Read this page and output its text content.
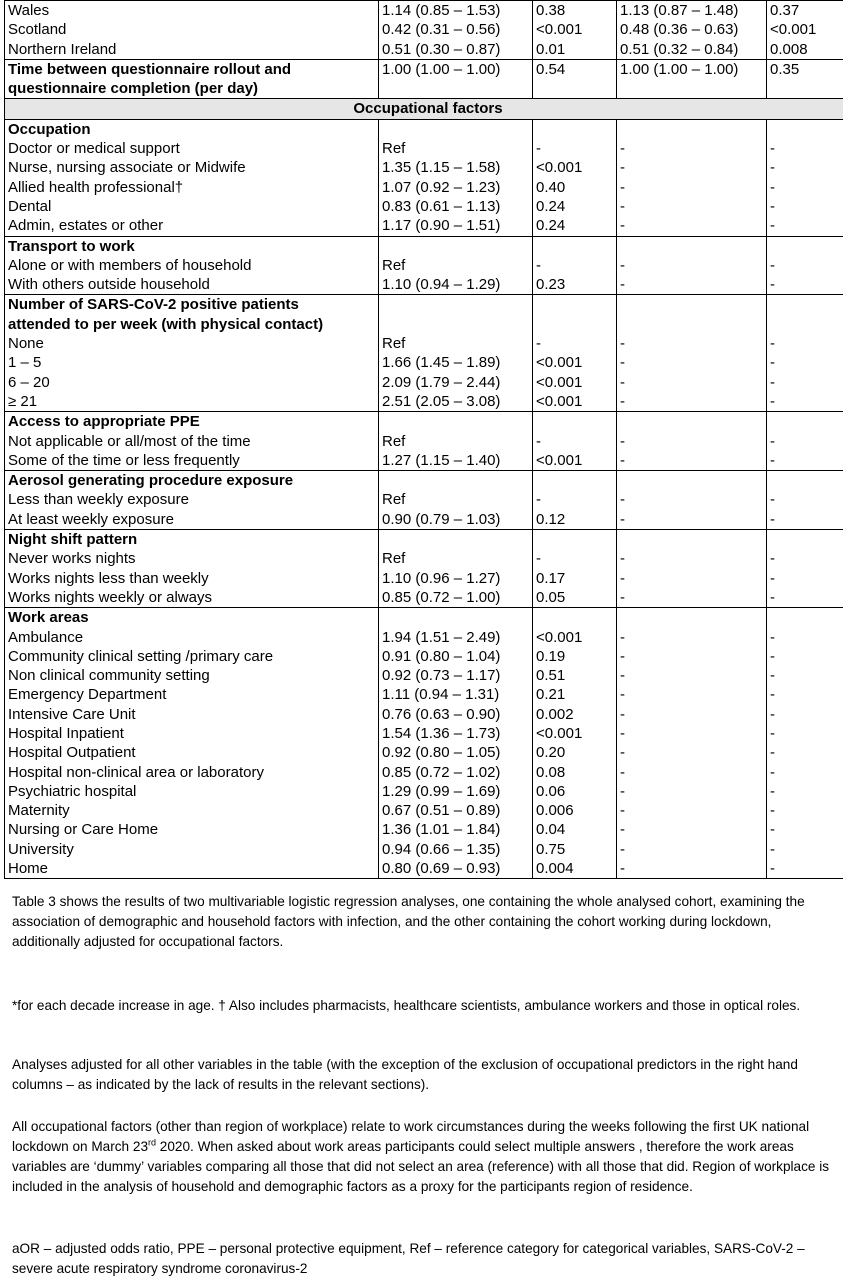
Wales	1.14 (0.85 – 1.53)	0.38	1.13 (0.87 – 1.48)	0.37
Scotland	0.42 (0.31 – 0.56)	<0.001	0.48 (0.36 – 0.63)	<0.001
Northern Ireland	0.51 (0.30 – 0.87)	0.01	0.51 (0.32 – 0.84)	0.008
Time between questionnaire rollout and	1.00 (1.00 – 1.00)	0.54	1.00 (1.00 – 1.00)	0.35
questionnaire completion (per day)				
Occupational factors				
Occupation				
Doctor or medical support	Ref	-	-	-
Nurse, nursing associate or Midwife	1.35 (1.15 – 1.58)	<0.001	-	-
Allied health professional†	1.07 (0.92 – 1.23)	0.40	-	-
Dental	0.83 (0.61 – 1.13)	0.24	-	-
Admin, estates or other	1.17 (0.90 – 1.51)	0.24	-	-
Transport to work				
Alone or with members of household	Ref	-	-	-
With others outside household	1.10 (0.94 – 1.29)	0.23	-	-
Number of SARS-CoV-2 positive patients				
attended to per week (with physical contact)				
None	Ref	-	-	-
1 – 5	1.66 (1.45 – 1.89)	<0.001	-	-
6 – 20	2.09 (1.79 – 2.44)	<0.001	-	-
≥ 21	2.51 (2.05 – 3.08)	<0.001	-	-
Access to appropriate PPE				
Not applicable or all/most of the time	Ref	-	-	-
Some of the time or less frequently	1.27 (1.15 – 1.40)	<0.001	-	-
Aerosol generating procedure exposure				
Less than weekly exposure	Ref	-	-	-
At least weekly exposure	0.90 (0.79 – 1.03)	0.12	-	-
Night shift pattern				
Never works nights	Ref	-	-	-
Works nights less than weekly	1.10 (0.96 – 1.27)	0.17	-	-
Works nights weekly or always	0.85 (0.72 – 1.00)	0.05	-	-
Work areas				
Ambulance	1.94 (1.51 – 2.49)	<0.001	-	-
Community clinical setting /primary care	0.91 (0.80 – 1.04)	0.19	-	-
Non clinical community setting	0.92 (0.73 – 1.17)	0.51	-	-
Emergency Department	1.11 (0.94 – 1.31)	0.21	-	-
Intensive Care Unit	0.76 (0.63 – 0.90)	0.002	-	-
Hospital Inpatient	1.54 (1.36 – 1.73)	<0.001	-	-
Hospital Outpatient	0.92 (0.80 – 1.05)	0.20	-	-
Hospital non-clinical area or laboratory	0.85 (0.72 – 1.02)	0.08	-	-
Psychiatric hospital	1.29 (0.99 – 1.69)	0.06	-	-
Maternity	0.67 (0.51 – 0.89)	0.006	-	-
Nursing or Care Home	1.36 (1.01 – 1.84)	0.04	-	-
University	0.94 (0.66 – 1.35)	0.75	-	-
Home	0.80 (0.69 – 0.93)	0.004	-	-

Table 3 shows the results of two multivariable logistic regression analyses, one containing the whole analysed cohort, examining the association of demographic and household factors with infection, and the other containing the cohort working during lockdown, additionally adjusted for occupational factors.

*for each decade increase in age. † Also includes pharmacists, healthcare scientists, ambulance workers and those in optical roles.

Analyses adjusted for all other variables in the table (with the exception of the exclusion of occupational predictors in the right hand columns – as indicated by the lack of results in the relevant sections).

All occupational factors (other than region of workplace) relate to work circumstances during the weeks following the first UK national lockdown on March 23rd 2020. When asked about work areas participants could select multiple answers , therefore the work areas variables are ‘dummy’ variables comparing all those that did not select an area (reference) with all those that did. Region of workplace is included in the analysis of household and demographic factors as a proxy for the participants region of residence.

aOR – adjusted odds ratio, PPE – personal protective equipment, Ref – reference category for categorical variables, SARS-CoV-2 – severe acute respiratory syndrome coronavirus-2
